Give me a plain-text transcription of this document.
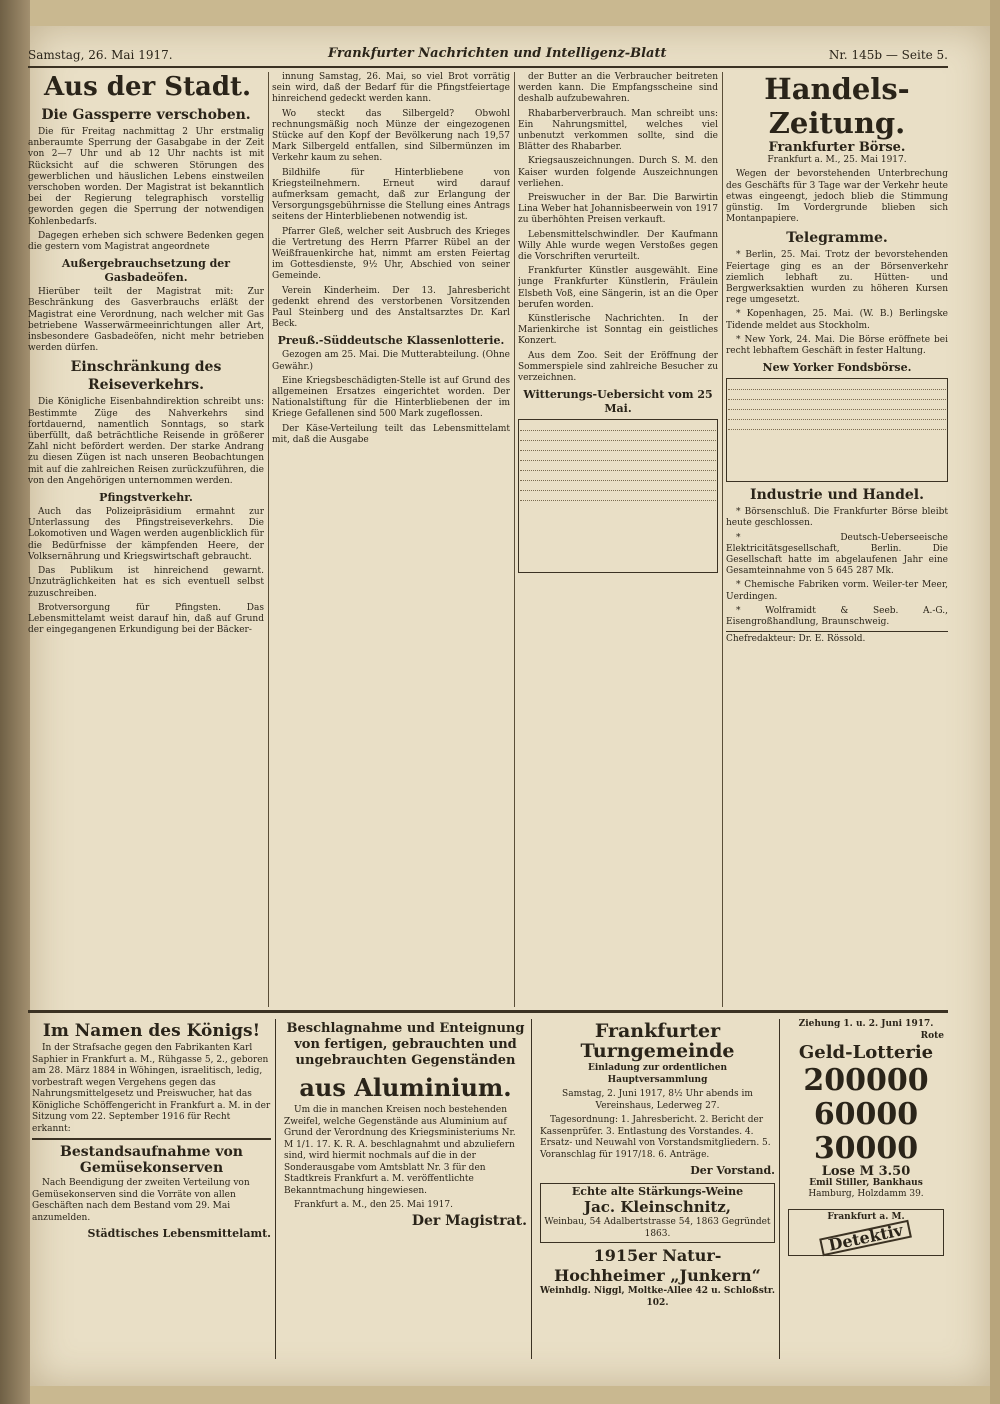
Samstag, 26. Mai 1917.	Frankfurter Nachrichten und Intelligenz-Blatt	Nr. 145b — Seite 5.
Aus der Stadt.
Die Gassperre verschoben.

Die für Freitag nachmittag 2 Uhr erstmalig anberaumte Sperrung der Gasabgabe in der Zeit von 2—7 Uhr und ab 12 Uhr nachts ist mit Rücksicht auf die schweren Störungen des gewerblichen und häuslichen Lebens einstweilen verschoben worden. Der Magistrat ist bekanntlich bei der Regierung telegraphisch vorstellig geworden gegen die Sperrung der notwendigen Kohlenbedarfs.

Dagegen erheben sich schwere Bedenken gegen die gestern vom Magistrat angeordnete

Außergebrauchsetzung der Gasbadeöfen.

Hierüber teilt der Magistrat mit: Zur Beschränkung des Gasverbrauchs erläßt der Magistrat eine Verordnung, nach welcher mit Gas betriebene Wasserwärmeeinrichtungen aller Art, insbesondere Gasbadeöfen, nicht mehr betrieben werden dürfen.

Einschränkung des Reiseverkehrs.

Die Königliche Eisenbahndirektion schreibt uns: Bestimmte Züge des Nahverkehrs sind fortdauernd, namentlich Sonntags, so stark überfüllt, daß beträchtliche Reisende in größerer Zahl nicht befördert werden. Der starke Andrang zu diesen Zügen ist nach unseren Beobachtungen mit auf die zahlreichen Reisen zurückzuführen, die von den Angehörigen unternommen werden.

Pfingstverkehr.

Auch das Polizeipräsidium ermahnt zur Unterlassung des Pfingstreiseverkehrs. Die Lokomotiven und Wagen werden augenblicklich für die Bedürfnisse der kämpfenden Heere, der Volksernährung und Kriegswirtschaft gebraucht.

Das Publikum ist hinreichend gewarnt. Unzuträglichkeiten hat es sich eventuell selbst zuzuschreiben.

Brotversorgung für Pfingsten. Das Lebensmittelamt weist darauf hin, daß auf Grund der eingegangenen Erkundigung bei der Bäcker-

innung Samstag, 26. Mai, so viel Brot vorrätig sein wird, daß der Bedarf für die Pfingstfeiertage hinreichend gedeckt werden kann.

Wo steckt das Silbergeld? Obwohl rechnungsmäßig noch Münze der eingezogenen Stücke auf den Kopf der Bevölkerung nach 19,57 Mark Silbergeld entfallen, sind Silbermünzen im Verkehr kaum zu sehen.

Bildhilfe für Hinterbliebene von Kriegsteilnehmern. Erneut wird darauf aufmerksam gemacht, daß zur Erlangung der Versorgungsgebührnisse die Stellung eines Antrags seitens der Hinterbliebenen notwendig ist.

Pfarrer Gleß, welcher seit Ausbruch des Krieges die Vertretung des Herrn Pfarrer Rübel an der Weißfrauenkirche hat, nimmt am ersten Feiertag im Gottesdienste, 9½ Uhr, Abschied von seiner Gemeinde.

Verein Kinderheim. Der 13. Jahresbericht gedenkt ehrend des verstorbenen Vorsitzenden Paul Steinberg und des Anstaltsarztes Dr. Karl Beck.

Preuß.-Süddeutsche Klassenlotterie.

Gezogen am 25. Mai. Die Mutterabteilung. (Ohne Gewähr.)

Eine Kriegsbeschädigten-Stelle ist auf Grund des allgemeinen Ersatzes eingerichtet worden. Der Nationalstiftung für die Hinterbliebenen der im Kriege Gefallenen sind 500 Mark zugeflossen.

Der Käse-Verteilung teilt das Lebensmittelamt mit, daß die Ausgabe

der Butter an die Verbraucher beitreten werden kann. Die Empfangsscheine sind deshalb aufzubewahren.

Rhabarberverbrauch. Man schreibt uns: Ein Nahrungsmittel, welches viel unbenutzt verkommen sollte, sind die Blätter des Rhabarber.

Kriegsauszeichnungen. Durch S. M. den Kaiser wurden folgende Auszeichnungen verliehen.

Preiswucher in der Bar. Die Barwirtin Lina Weber hat Johannisbeerwein von 1917 zu überhöhten Preisen verkauft.

Lebensmittelschwindler. Der Kaufmann Willy Ahle wurde wegen Verstoßes gegen die Vorschriften verurteilt.

Frankfurter Künstler ausgewählt. Eine junge Frankfurter Künstlerin, Fräulein Elsbeth Voß, eine Sängerin, ist an die Oper berufen worden.

Künstlerische Nachrichten. In der Marienkirche ist Sonntag ein geistliches Konzert.

Aus dem Zoo. Seit der Eröffnung der Sommerspiele sind zahlreiche Besucher zu verzeichnen.

Witterungs-Uebersicht vom 25 Mai.

Handels-Zeitung.

Frankfurter Börse.

Frankfurt a. M., 25. Mai 1917.

Wegen der bevorstehenden Unterbrechung des Geschäfts für 3 Tage war der Verkehr heute etwas eingeengt, jedoch blieb die Stimmung günstig. Im Vordergrunde blieben sich Montanpapiere.

Telegramme.

* Berlin, 25. Mai. Trotz der bevorstehenden Feiertage ging es an der Börsenverkehr ziemlich lebhaft zu. Hütten- und Bergwerksaktien wurden zu höheren Kursen rege umgesetzt.

* Kopenhagen, 25. Mai. (W. B.) Berlingske Tidende meldet aus Stockholm.

* New York, 24. Mai. Die Börse eröffnete bei recht lebhaftem Geschäft in fester Haltung.

New Yorker Fondsbörse.

Industrie und Handel.

* Börsenschluß. Die Frankfurter Börse bleibt heute geschlossen.

* Deutsch-Ueberseeische Elektricitätsgesellschaft, Berlin. Die Gesellschaft hatte im abgelaufenen Jahr eine Gesamteinnahme von 5 645 287 Mk.

* Chemische Fabriken vorm. Weiler-ter Meer, Uerdingen.

* Wolframidt & Seeb. A.-G., Eisengroßhandlung, Braunschweig.

Chefredakteur: Dr. E. Rössold.

Im Namen des Königs!

In der Strafsache gegen den Fabrikanten Karl Saphier in Frankfurt a. M., Rühgasse 5, 2., geboren am 28. März 1884 in Wöhingen, israelitisch, ledig, vorbestraft wegen Vergehens gegen das Nahrungsmittelgesetz und Preiswucher, hat das Königliche Schöffengericht in Frankfurt a. M. in der Sitzung vom 22. September 1916 für Recht erkannt:

Bestandsaufnahme von Gemüsekonserven

Nach Beendigung der zweiten Verteilung von Gemüsekonserven sind die Vorräte von allen Geschäften nach dem Bestand vom 29. Mai anzumelden.

Städtisches Lebensmittelamt.
Beschlagnahme und Enteignung von fertigen, gebrauchten und ungebrauchten Gegenständen
aus Aluminium.

Um die in manchen Kreisen noch bestehenden Zweifel, welche Gegenstände aus Aluminium auf Grund der Verordnung des Kriegsministeriums Nr. M 1/1. 17. K. R. A. beschlagnahmt und abzuliefern sind, wird hiermit nochmals auf die in der Sonderausgabe vom Amtsblatt Nr. 3 für den Stadtkreis Frankfurt a. M. veröffentlichte Bekanntmachung hingewiesen.

Frankfurt a. M., den 25. Mai 1917.

Der Magistrat.
Frankfurter Turngemeinde

Einladung zur ordentlichen Hauptversammlung

Samstag, 2. Juni 1917, 8½ Uhr abends im Vereinshaus, Lederweg 27.

Tagesordnung: 1. Jahresbericht. 2. Bericht der Kassenprüfer. 3. Entlastung des Vorstandes. 4. Ersatz- und Neuwahl von Vorstandsmitgliedern. 5. Voranschlag für 1917/18. 6. Anträge.

Der Vorstand.
Echte alte Stärkungs-Weine
Jac. Kleinschnitz,
Weinbau, 54 Adalbertstrasse 54, 1863 Gegründet 1863.
1915er Natur-Hochheimer „Junkern“
Weinhdlg. Niggl, Moltke-Allee 42 u. Schloßstr. 102.
Ziehung 1. u. 2. Juni 1917.
Rote
Geld-Lotterie
200000
60000
30000
Lose M 3.50
Emil Stiller, Bankhaus
Hamburg, Holzdamm 39.
Frankfurt a. M.
Detektiv
